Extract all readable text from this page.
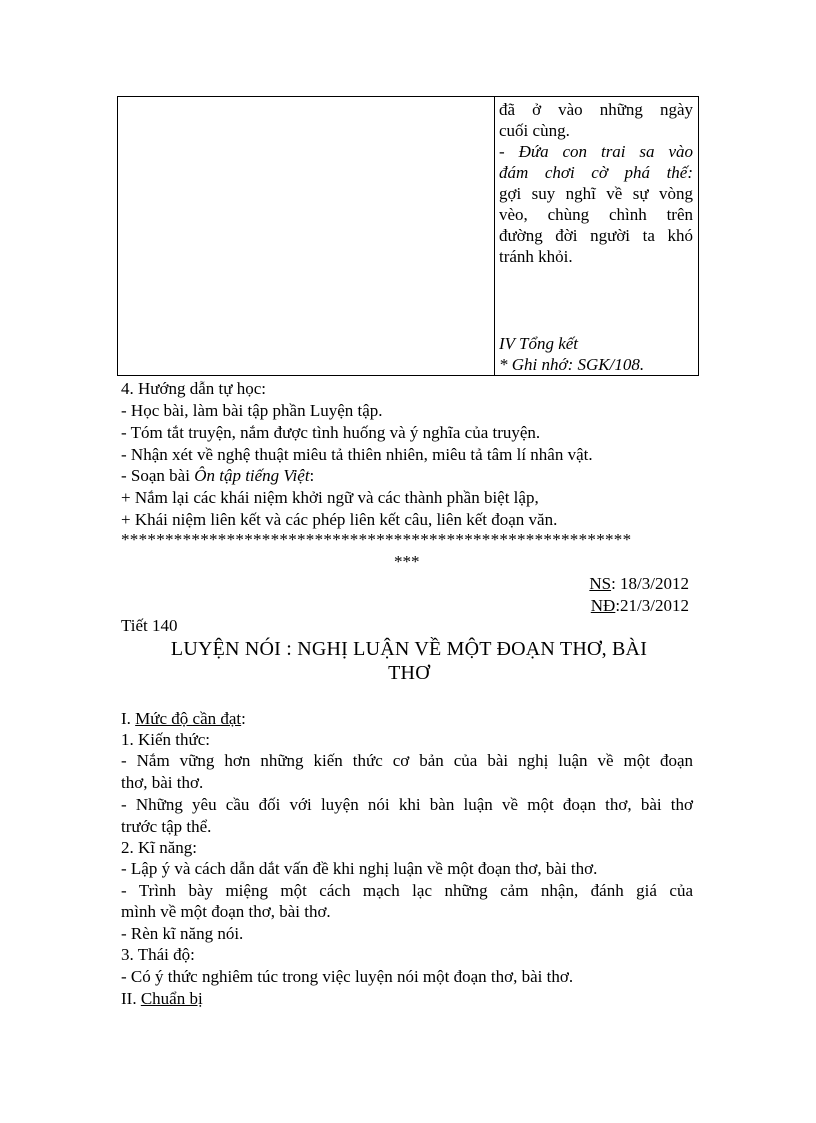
đã ở vào những ngày
cuối cùng.
- Đứa con trai sa vào
đám chơi cờ phá thế:
gợi suy nghĩ về sự vòng
vèo, chùng chình trên
đường đời người ta khó
tránh khỏi.
IV Tổng kết
* Ghi nhớ: SGK/108.
4. Hướng dẫn tự học:
- Học bài, làm bài tập phần Luyện tập.
- Tóm tắt truyện, nắm được tình huống và ý nghĩa của truyện.
- Nhận xét về nghệ thuật miêu tả thiên nhiên, miêu tả tâm lí nhân vật.
- Soạn bài Ôn tập tiếng Việt:
+ Nắm lại các khái niệm khởi ngữ và các thành phần biệt lập,
+ Khái niệm liên kết và các phép liên kết câu, liên kết đoạn văn.
**********************************************************
***
NS: 18/3/2012
NĐ:21/3/2012
Tiết 140
LUYỆN NÓI : NGHỊ LUẬN VỀ MỘT ĐOẠN THƠ, BÀI
THƠ
I. Mức độ cần đạt:
1. Kiến thức:
- Nắm vững hơn những kiến thức cơ bản của bài nghị luận về một đoạn
thơ, bài thơ.
- Những yêu cầu đối với luyện nói khi bàn luận về một đoạn thơ, bài thơ
trước tập thể.
2. Kĩ năng:
- Lập ý và cách dẫn dắt vấn đề khi nghị luận về một đoạn thơ, bài thơ.
- Trình bày miệng một cách mạch lạc những cảm nhận, đánh giá của
mình về một đoạn thơ, bài thơ.
- Rèn kĩ năng nói.
3. Thái độ:
- Có ý thức nghiêm túc trong việc luyện nói một đoạn thơ, bài thơ.
II. Chuẩn bị
